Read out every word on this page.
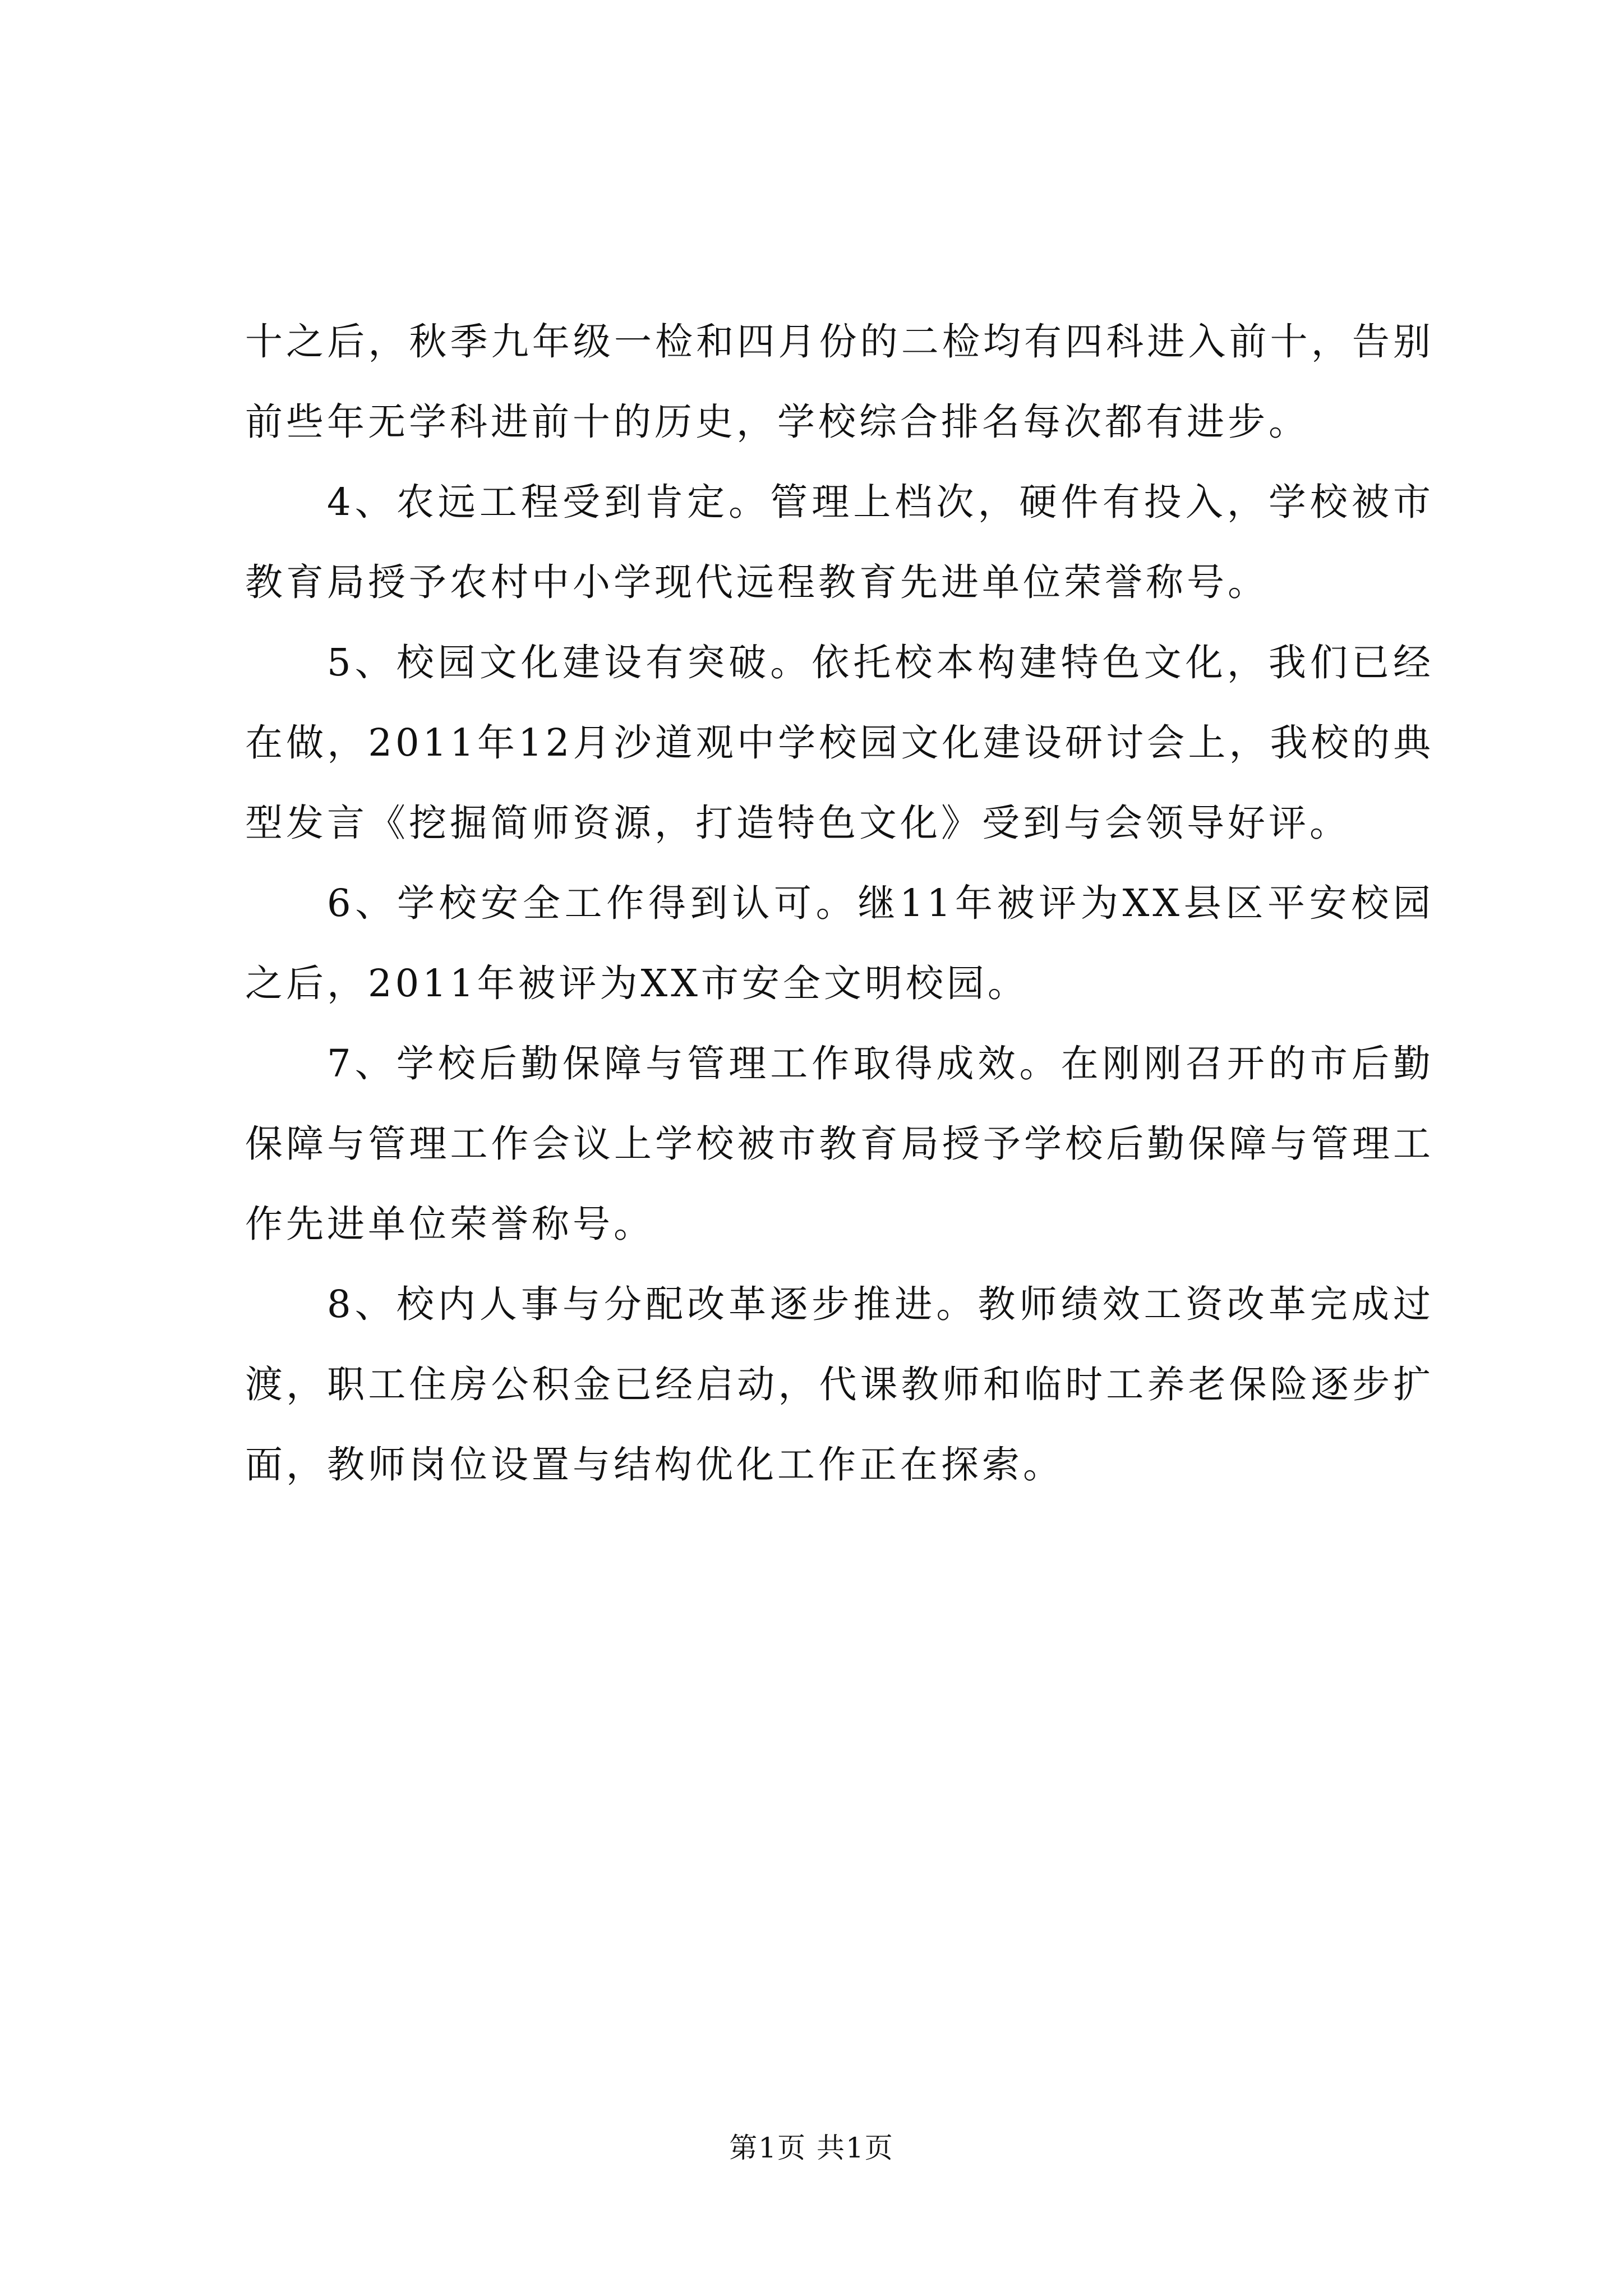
十之后，秋季九年级一检和四月份的二检均有四科进入前十，告别前些年无学科进前十的历史，学校综合排名每次都有进步。

4、农远工程受到肯定。管理上档次，硬件有投入，学校被市教育局授予农村中小学现代远程教育先进单位荣誉称号。

5、校园文化建设有突破。依托校本构建特色文化，我们已经在做，2011年12月沙道观中学校园文化建设研讨会上，我校的典型发言《挖掘简师资源，打造特色文化》受到与会领导好评。

6、学校安全工作得到认可。继11年被评为XX县区平安校园之后，2011年被评为XX市安全文明校园。

7、学校后勤保障与管理工作取得成效。在刚刚召开的市后勤保障与管理工作会议上学校被市教育局授予学校后勤保障与管理工作先进单位荣誉称号。

8、校内人事与分配改革逐步推进。教师绩效工资改革完成过渡，职工住房公积金已经启动，代课教师和临时工养老保险逐步扩面，教师岗位设置与结构优化工作正在探索。

第1页 共1页
